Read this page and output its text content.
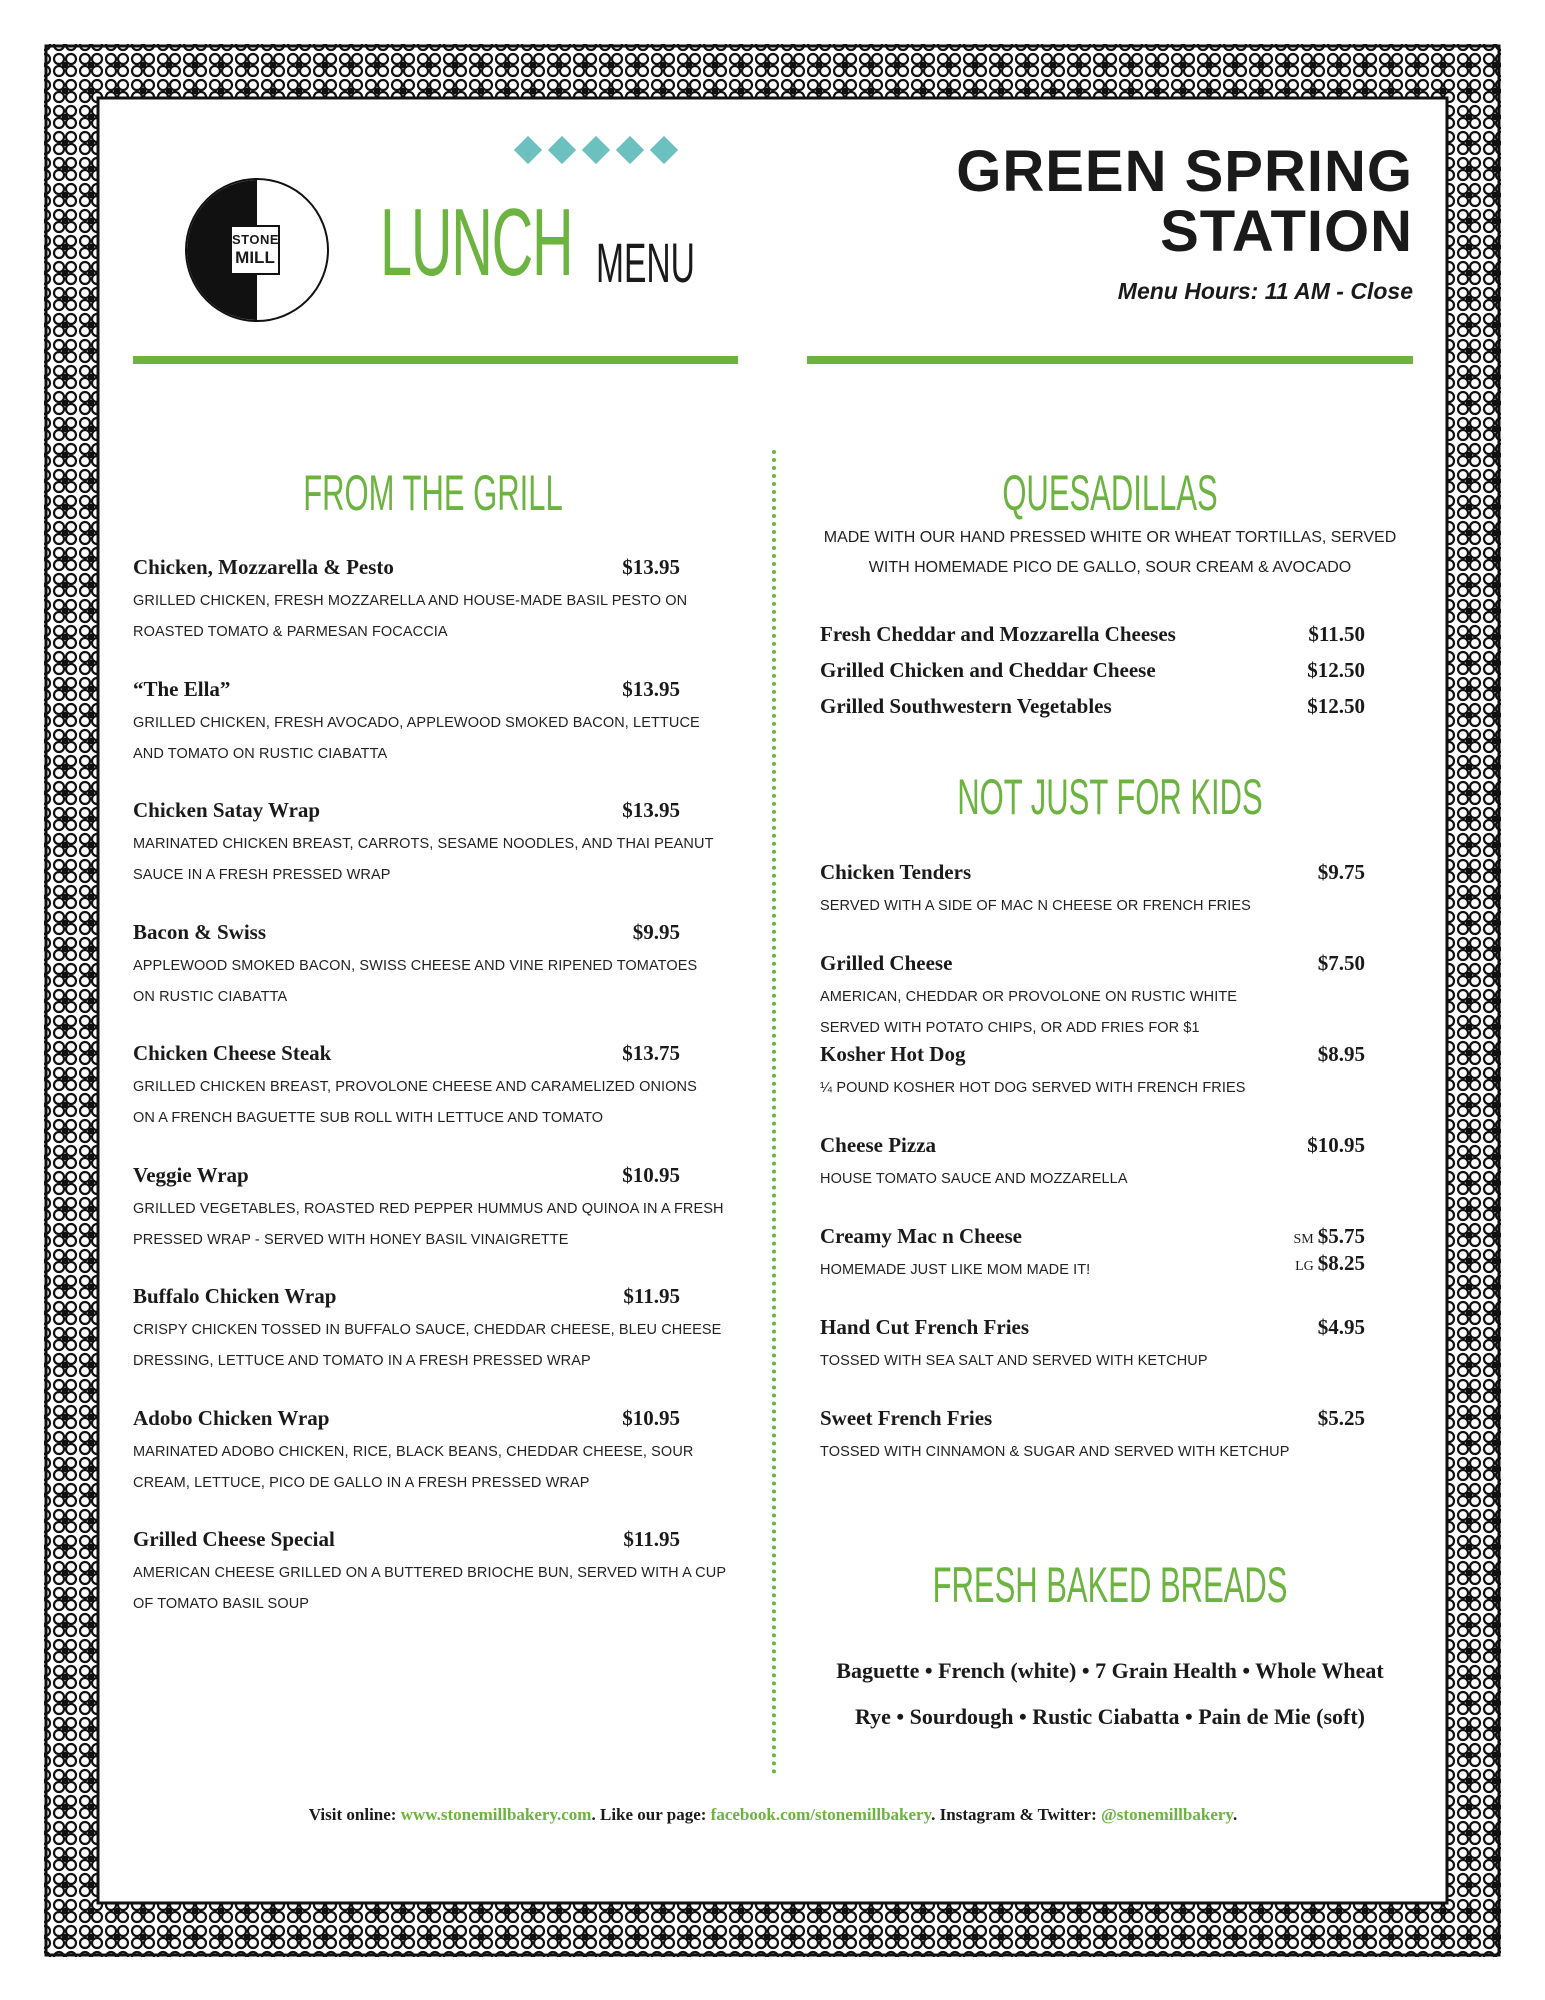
STONE
MILL LUNCH MENU
GREEN SPRING
STATION
Menu Hours: 11 AM - Close
FROM THE GRILL
Chicken, Mozzarella & Pesto	$13.95
GRILLED CHICKEN, FRESH MOZZARELLA AND HOUSE-MADE BASIL PESTO ON
ROASTED TOMATO & PARMESAN FOCACCIA
“The Ella”	$13.95
GRILLED CHICKEN, FRESH AVOCADO, APPLEWOOD SMOKED BACON, LETTUCE
AND TOMATO ON RUSTIC CIABATTA
Chicken Satay Wrap	$13.95
MARINATED CHICKEN BREAST, CARROTS, SESAME NOODLES, AND THAI PEANUT
SAUCE IN A FRESH PRESSED WRAP
Bacon & Swiss	$9.95
APPLEWOOD SMOKED BACON, SWISS CHEESE AND VINE RIPENED TOMATOES
ON RUSTIC CIABATTA
Chicken Cheese Steak	$13.75
GRILLED CHICKEN BREAST, PROVOLONE CHEESE AND CARAMELIZED ONIONS
ON A FRENCH BAGUETTE SUB ROLL WITH LETTUCE AND TOMATO
Veggie Wrap	$10.95
GRILLED VEGETABLES, ROASTED RED PEPPER HUMMUS AND QUINOA IN A FRESH
PRESSED WRAP - SERVED WITH HONEY BASIL VINAIGRETTE
Buffalo Chicken Wrap	$11.95
CRISPY CHICKEN TOSSED IN BUFFALO SAUCE, CHEDDAR CHEESE, BLEU CHEESE
DRESSING, LETTUCE AND TOMATO IN A FRESH PRESSED WRAP
Adobo Chicken Wrap	$10.95
MARINATED ADOBO CHICKEN, RICE, BLACK BEANS, CHEDDAR CHEESE, SOUR
CREAM, LETTUCE, PICO DE GALLO IN A FRESH PRESSED WRAP
Grilled Cheese Special	$11.95
AMERICAN CHEESE GRILLED ON A BUTTERED BRIOCHE BUN, SERVED WITH A CUP
OF TOMATO BASIL SOUP
QUESADILLAS
MADE WITH OUR HAND PRESSED WHITE OR WHEAT TORTILLAS, SERVED
WITH HOMEMADE PICO DE GALLO, SOUR CREAM & AVOCADO
Fresh Cheddar and Mozzarella Cheeses	$11.50
Grilled Chicken and Cheddar Cheese	$12.50
Grilled Southwestern Vegetables	$12.50
NOT JUST FOR KIDS
Chicken Tenders	$9.75
SERVED WITH A SIDE OF MAC N CHEESE OR FRENCH FRIES
Grilled Cheese	$7.50
AMERICAN, CHEDDAR OR PROVOLONE ON RUSTIC WHITE
SERVED WITH POTATO CHIPS, OR ADD FRIES FOR $1
Kosher Hot Dog	$8.95
¼ POUND KOSHER HOT DOG SERVED WITH FRENCH FRIES
Cheese Pizza	$10.95
HOUSE TOMATO SAUCE AND MOZZARELLA
Creamy Mac n Cheese	SM $5.75
LG $8.25
HOMEMADE JUST LIKE MOM MADE IT!
Hand Cut French Fries	$4.95
TOSSED WITH SEA SALT AND SERVED WITH KETCHUP
Sweet French Fries	$5.25
TOSSED WITH CINNAMON & SUGAR AND SERVED WITH KETCHUP
FRESH BAKED BREADS
Baguette • French (white) • 7 Grain Health • Whole Wheat
Rye • Sourdough • Rustic Ciabatta • Pain de Mie (soft)
Visit online: www.stonemillbakery.com. Like our page: facebook.com/stonemillbakery. Instagram & Twitter: @stonemillbakery.
